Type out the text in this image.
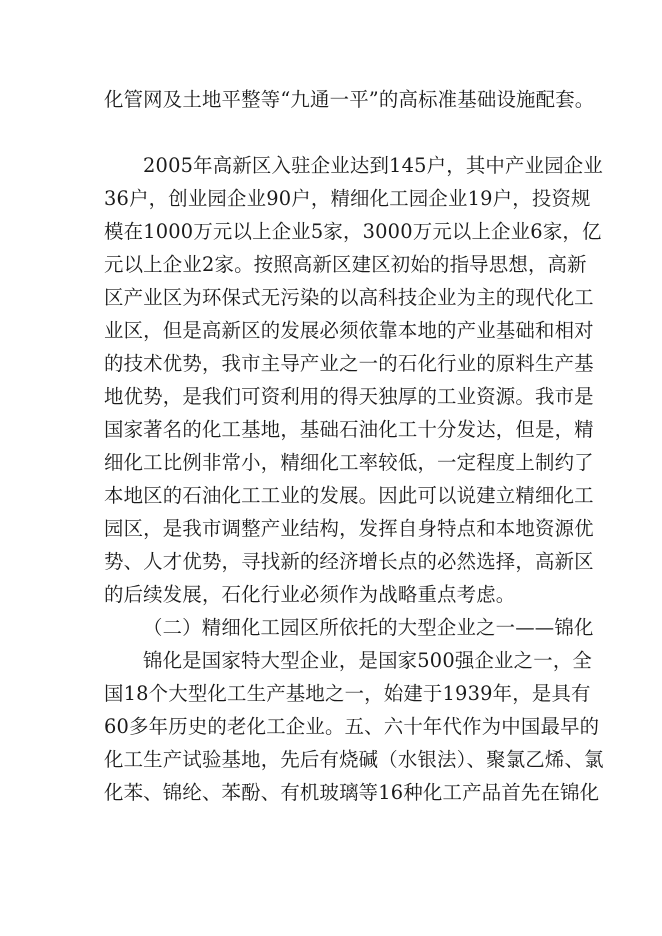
化管网及土地平整等“九通一平”的高标准基础设施配套。
2005年高新区入驻企业达到145户，其中产业园企业
36户，创业园企业90户，精细化工园企业19户，投资规
模在1000万元以上企业5家，3000万元以上企业6家，亿
元以上企业2家。按照高新区建区初始的指导思想，高新
区产业区为环保式无污染的以高科技企业为主的现代化工
业区，但是高新区的发展必须依靠本地的产业基础和相对
的技术优势，我市主导产业之一的石化行业的原料生产基
地优势，是我们可资利用的得天独厚的工业资源。我市是
国家著名的化工基地，基础石油化工十分发达，但是，精
细化工比例非常小，精细化工率较低，一定程度上制约了
本地区的石油化工工业的发展。因此可以说建立精细化工
园区，是我市调整产业结构，发挥自身特点和本地资源优
势、人才优势，寻找新的经济增长点的必然选择，高新区
的后续发展，石化行业必须作为战略重点考虑。
（二）精细化工园区所依托的大型企业之一——锦化
锦化是国家特大型企业，是国家500强企业之一，全
国18个大型化工生产基地之一，始建于1939年，是具有
60多年历史的老化工企业。五、六十年代作为中国最早的
化工生产试验基地，先后有烧碱（水银法）、聚氯乙烯、氯
化苯、锦纶、苯酚、有机玻璃等16种化工产品首先在锦化
